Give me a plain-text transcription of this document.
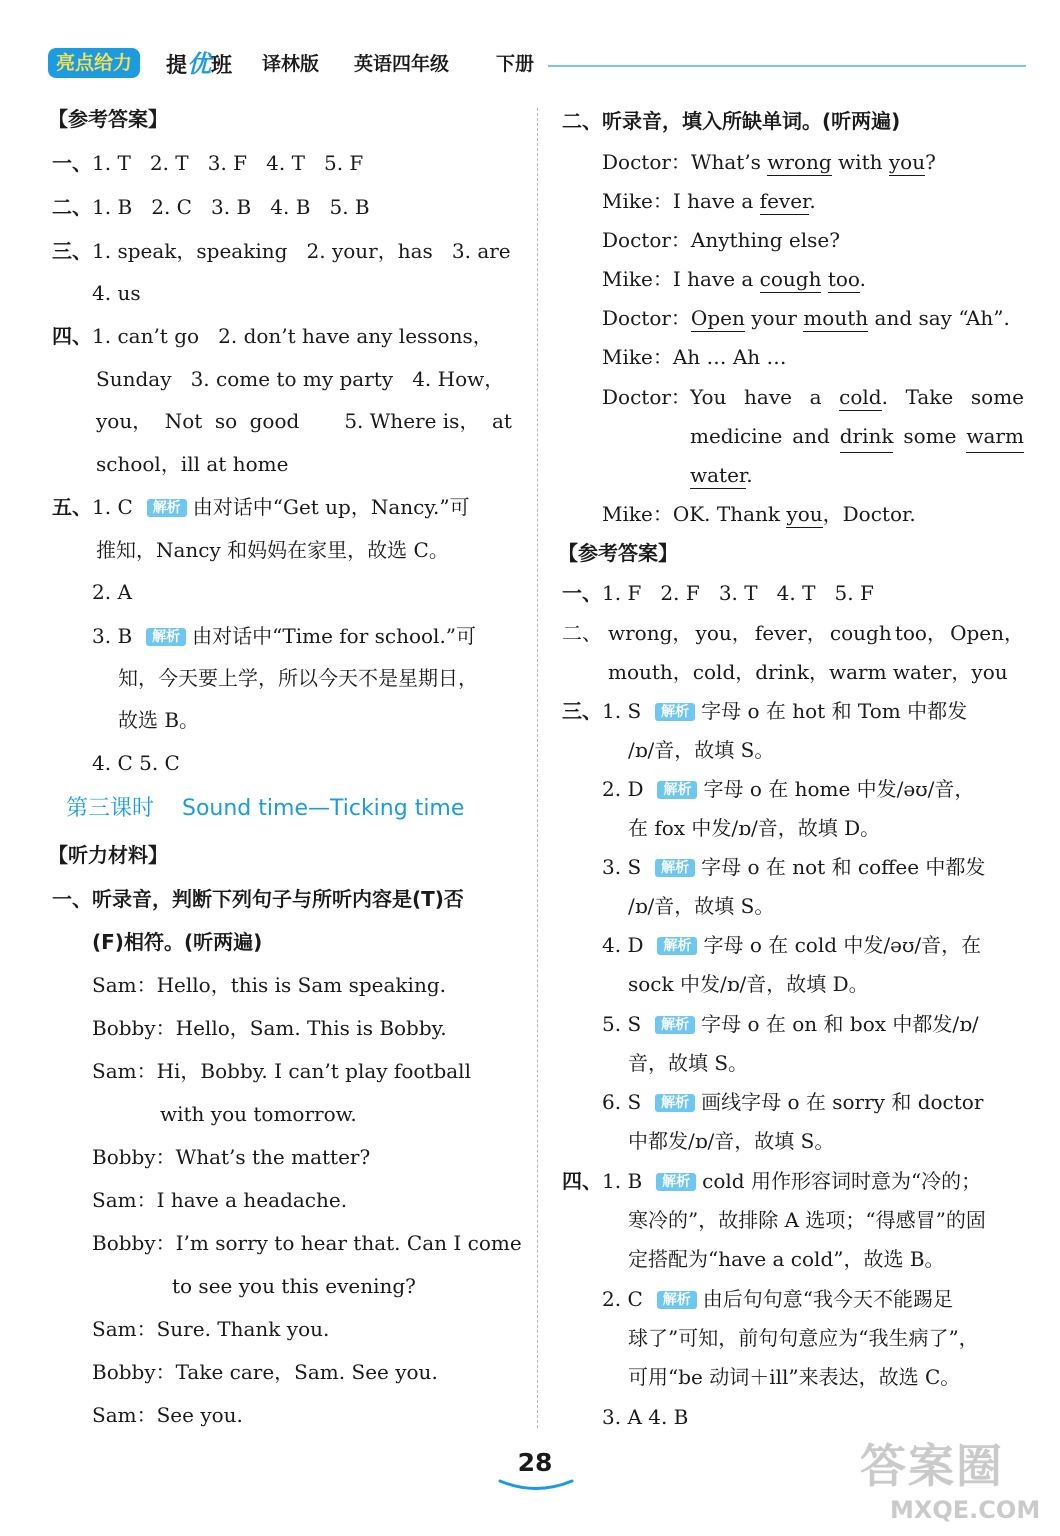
亮点给力	提优班 译林版 英语四年级 下册
【参考答案】
一、1. T 2. T 3. F 4. T 5. F
二、1. B 2. C 3. B 4. B 5. B
三、1. speak，speaking 2. your，has 3. are
4. us
四、1. can’t go 2. don’t have any lessons，
Sunday 3. come to my party 4. How，
you， Not so good 5. Where is， at
school，ill at home
五、1. C 解析 由对话中“Get up，Nancy.”可
推知，Nancy 和妈妈在家里，故选 C。
2. A
3. B 解析 由对话中“Time for school.”可
知，今天要上学，所以今天不是星期日，
故选 B。
4. C 5. C
第三课时 Sound time—Ticking time
【听力材料】
一、听录音，判断下列句子与所听内容是(T)否
(F)相符。(听两遍)
Sam：Hello，this is Sam speaking.
Bobby：Hello，Sam. This is Bobby.
Sam：Hi，Bobby. I can’t play football
with you tomorrow.
Bobby：What’s the matter?
Sam：I have a headache.
Bobby：I’m sorry to hear that. Can I come
to see you this evening?
Sam：Sure. Thank you.
Bobby：Take care，Sam. See you.
Sam：See you.
二、听录音，填入所缺单词。(听两遍)
Doctor：What’s wrong with you?
Mike：I have a fever.
Doctor：Anything else?
Mike：I have a cough too.
Doctor：Open your mouth and say “Ah”.
Mike：Ah … Ah …
Doctor： You have a cold. Take some
medicine and drink some warm
water.
Mike：OK. Thank you，Doctor.
【参考答案】
一、1. F 2. F 3. T 4. T 5. F
二、 wrong， you， fever， cough too， Open，
mouth，cold，drink，warm water，you
三、1. S 解析 字母 o 在 hot 和 Tom 中都发
/ɒ/音，故填 S。
2. D 解析 字母 o 在 home 中发/əʊ/音，
在 fox 中发/ɒ/音，故填 D。
3. S 解析 字母 o 在 not 和 coffee 中都发
/ɒ/音，故填 S。
4. D 解析 字母 o 在 cold 中发/əʊ/音，在
sock 中发/ɒ/音，故填 D。
5. S 解析 字母 o 在 on 和 box 中都发/ɒ/
音，故填 S。
6. S 解析 画线字母 o 在 sorry 和 doctor
中都发/ɒ/音，故填 S。
四、1. B 解析 cold 用作形容词时意为“冷的；
寒冷的”，故排除 A 选项；“得感冒”的固
定搭配为“have a cold”，故选 B。
2. C 解析 由后句句意“我今天不能踢足
球了”可知，前句句意应为“我生病了”，
可用“be 动词＋ill”来表达，故选 C。
3. A 4. B
28	答案圈
MXQE.COM
